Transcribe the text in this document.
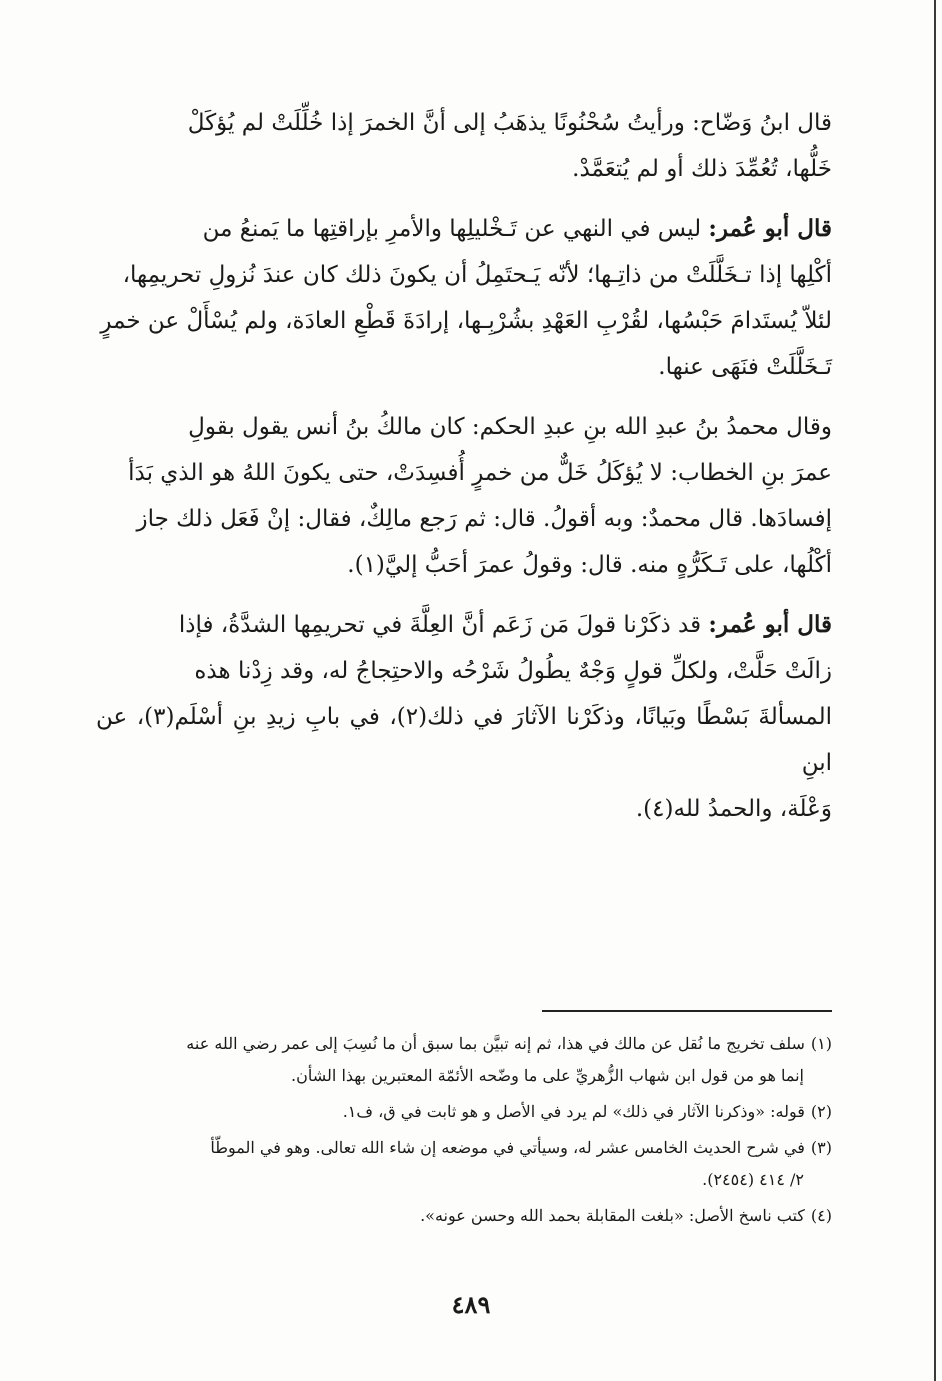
قال ابنُ وَضّاح: ورأيتُ سُحْنُونًا يذهَبُ إلى أنَّ الخمرَ إذا خُلِّلَتْ لم يُؤكَلْ

خَلُّها، تُعُمِّدَ ذلك أو لم يُتعَمَّدْ.

قال أبو عُمر: ليس في النهي عن تَـخْليلِها والأمرِ بإراقتِها ما يَمنعُ من

أكْلِها إذا تـخَلَّلَتْ من ذاتِـها؛ لأنّه يَـحتَمِلُ أن يكونَ ذلك كان عندَ نُزولِ تحريمِها،

لئلاّ يُستَدامَ حَبْسُها، لقُرْبِ العَهْدِ بشُرْبِـها، إرادَةَ قَطْعِ العادَة، ولم يُسْأَلْ عن خمرٍ

تَـخَلَّلَتْ فنَهَى عنها.

وقال محمدُ بنُ عبدِ الله بنِ عبدِ الحكم: كان مالكُ بنُ أنس يقول بقولِ

عمرَ بنِ الخطاب: لا يُؤكَلُ خَلٌّ من خمرٍ أُفسِدَتْ، حتى يكونَ اللهُ هو الذي بَدَأ

إفسادَها. قال محمدٌ: وبه أقولُ. قال: ثم رَجع مالِكٌ، فقال: إنْ فَعَل ذلك جاز

أكْلُها، على تَـكَرُّهٍ منه. قال: وقولُ عمرَ أحَبُّ إليَّ(١).

قال أبو عُمر: قد ذكَرْنا قولَ مَن زَعَم أنَّ العِلَّةَ في تحريمِها الشدَّةُ، فإذا

زالَتْ حَلَّتْ، ولكلِّ قولٍ وَجْهٌ يطُولُ شَرْحُه والاحتِجاجُ له، وقد زِدْنا هذه

المسألةَ بَسْطًا وبَيانًا، وذكَرْنا الآثارَ في ذلك(٢)، في بابِ زيدِ بنِ أسْلَم(٣)، عن ابنِ

وَعْلَة، والحمدُ لله(٤).

(١)سلف تخريج ما نُقل عن مالك في هذا، ثم إنه تبيَّن بما سبق أن ما نُسِبَ إلى عمر رضي الله عنه
إنما هو من قول ابن شهاب الزُّهريِّ على ما وضّحه الأئمّة المعتبرين بهذا الشأن.
(٢)قوله: «وذكرنا الآثار في ذلك» لم يرد في الأصل و هو ثابت في ق، ف١.
(٣)في شرح الحديث الخامس عشر له، وسيأتي في موضعه إن شاء الله تعالى. وهو في الموطّأ
٢/ ٤١٤ (٢٤٥٤).
(٤)كتب ناسخ الأصل: «بلغت المقابلة بحمد الله وحسن عونه».
٤٨٩
